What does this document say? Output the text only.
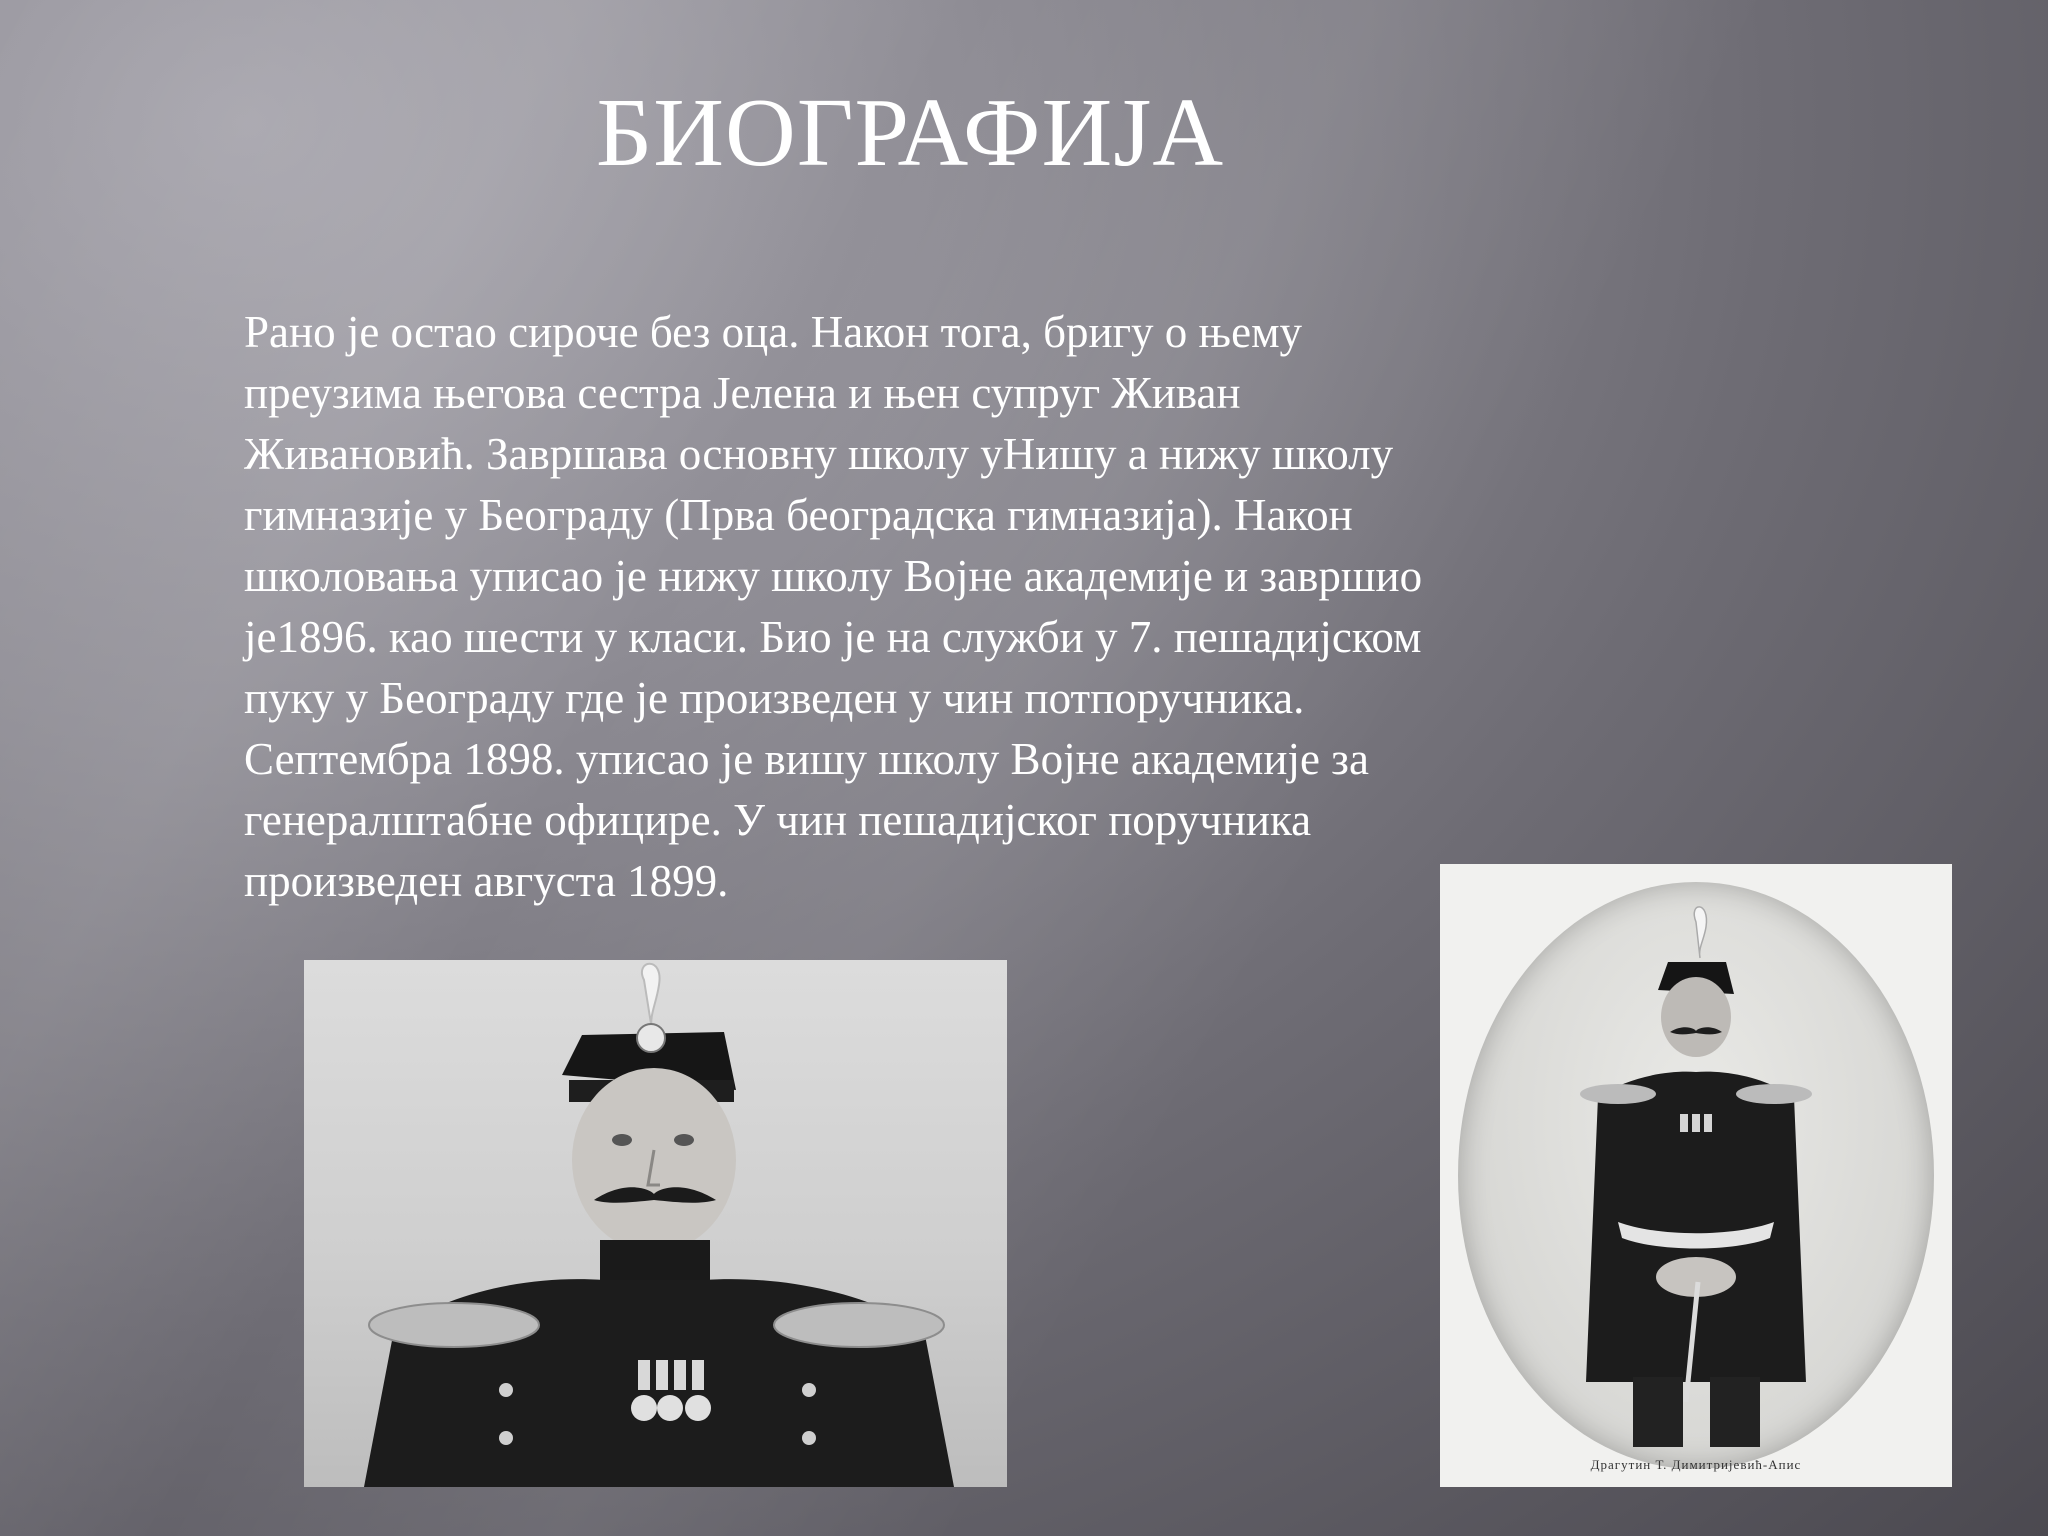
БИОГРАФИЈА

Рано је остао сироче без оца. Након тога, бригу о њему
преузима његова сестра Јелена и њен супруг Живан
Живановић. Завршава основну школу уНишу а нижу школу
гимназије у Београду (Прва београдска гимназија). Након
школовања уписао је нижу школу Војне академије и завршио
је1896. као шести у класи. Био је на служби у 7. пешадијском
пуку у Београду где је произведен у чин потпоручника.
Септембра 1898. уписао је вишу школу Војне академије за
генералштабне официре. У чин пешадијског поручника
произведен августа 1899.

Драгутин Т. Димитријевић-Апис
